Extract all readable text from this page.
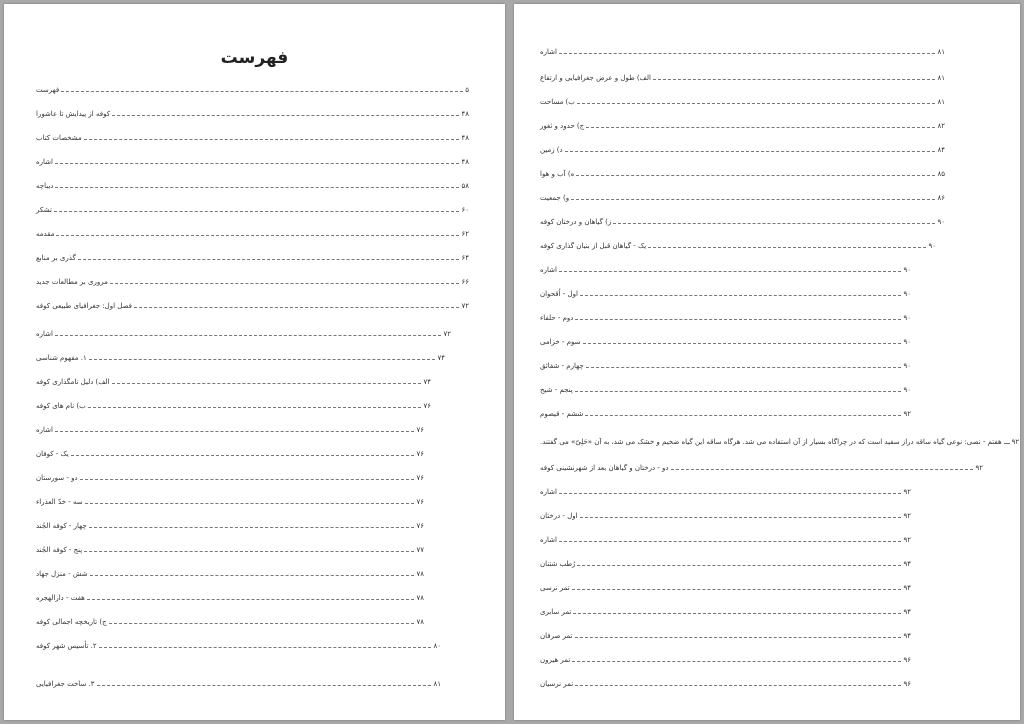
فهرست
فهرست	۵
کوفه از پیدایش تا عاشورا	۴۸
مشخصات کتاب	۴۸
اشاره	۴۸
دیباچه	۵۸
تشکر	۶۰
مقدمه	۶۲
گذری بر منابع	۶۴
مروری بر مطالعات جدید	۶۶
فصل اول: جغرافیای طبیعی کوفه	۷۲
اشاره	۷۲
۱. مفهوم شناسی	۷۴
الف) دلیل نامگذاری کوفه	۷۴
ب) نام های کوفه	۷۶
اشاره	۷۶
یک - کوفان	۷۶
دو - سورستان	۷۶
سه - خدّ العذراء	۷۶
چهار - کوفه الجُند	۷۶
پنج - کوفه الجُند	۷۷
شش - منزل جهاد	۷۸
هفت - دارالهجره	۷۸
ج) تاریخچه اجمالی کوفه	۷۸
۲. تأسیس شهر کوفه	۸۰
۳. ساخت جغرافیایی	۸۱
اشاره	۸۱
الف) طول و عرض جغرافیایی و ارتفاع	۸۱
ب) مساحت	۸۱
ج) حدود و ثغور	۸۲
د) زمین	۸۴
ه) آب و هوا	۸۵
و) جمعیت	۸۶
ز) گیاهان و درختان کوفه	۹۰
یک - گیاهان قبل از بنیان گذاری کوفه	۹۰
اشاره	۹۰
اول - اُقحوان	۹۰
دوم - حلفاء	۹۰
سوم - خزامی	۹۰
چهارم - شقائق	۹۰
پنجم - شیح	۹۰
ششم - قیصوم	۹۲
هفتم - نصی: نوعی گیاه ساقه دراز سفید است که در چراگاه بسیار از آن استفاده می شد. هرگاه ساقه این گیاه ضخیم و خشک می شد، به آن «حَلِیّ» می گفتند. ۹۲
دو - درختان و گیاهان بعد از شهرنشینی کوفه	۹۲
اشاره	۹۲
اول - درختان	۹۲
اشاره	۹۲
رُطب شتنان	۹۴
تمر نرسی	۹۴
تمر سابری	۹۴
تمر صرفان	۹۴
تمر هیرون	۹۶
تمر نرسیان	۹۶
